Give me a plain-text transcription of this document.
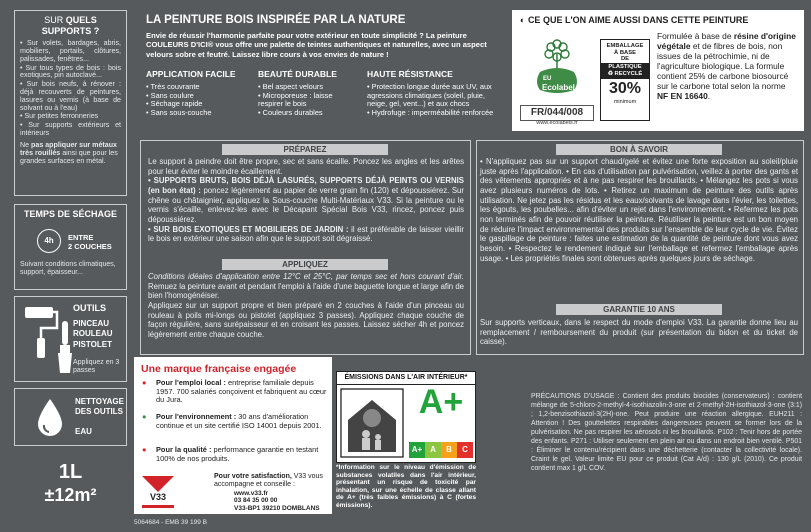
SUR QUELS SUPPORTS ?
• Sur volets, bardages, abris, mobiliers, portails, clôtures, palissades, fenêtres...
• Sur tous types de bois : bois exotiques, pin autoclavé...
• Sur bois neufs, à rénover : déjà recouverts de peintures, lasures ou vernis (à base de solvant ou à l'eau)
• Sur petites ferronneries
• Sur supports extérieurs et intérieurs
Ne pas appliquer sur métaux très rouillés ainsi que pour les grandes surfaces en métal.
TEMPS DE SÉCHAGE
4h	ENTRE
2 COUCHES
Suivant conditions climatiques, support, épaisseur...
OUTILS
PINCEAU
ROULEAU
PISTOLET
Appliquez en 3 passes
NETTOYAGE
DES OUTILS
EAU
1L
±12m²
5064684 - EMB 39 199 B
LA PEINTURE BOIS INSPIRÉE PAR LA NATURE
Envie de réussir l'harmonie parfaite pour votre extérieur en toute simplicité ? La peinture COULEURS D'ICI® vous offre une palette de teintes authentiques et naturelles, avec un aspect velours sobre et feutré. Laissez libre cours à vos envies de nature !
APPLICATION FACILE
• Très couvrante
• Sans coulure
• Séchage rapide
• Sans sous-couche
BEAUTÉ DURABLE
• Bel aspect velours
• Microporeuse : laisse respirer le bois
• Couleurs durables
HAUTE RÉSISTANCE
• Protection longue durée aux UV, aux agressions climatiques (soleil, pluie, neige, gel, vent...) et aux chocs
• Hydrofuge : imperméabilité renforcée
◐ CE QUE L'ON AIME AUSSI DANS CETTE PEINTURE
EU
Ecolabel
FR/044/008
www.ecolabels.fr
EMBALLAGE
À BASE
DE
PLASTIQUE
♻ RECYCLÉ
30%
minimum
Formulée à base de résine d'origine végétale et de fibres de bois, non issues de la pétrochimie, ni de l'agriculture biologique. La formule contient 25% de carbone biosourcé sur le carbone total selon la norme NF EN 16640.
PRÉPAREZ
Le support à peindre doit être propre, sec et sans écaille. Poncez les angles et les arêtes pour leur éviter le moindre écaillement.
• SUPPORTS BRUTS, BOIS DÉJÀ LASURÉS, SUPPORTS DÉJÀ PEINTS OU VERNIS (en bon état) : poncez légèrement au papier de verre grain fin (120) et dépoussiérez. Sur chêne ou châtaignier, appliquez la Sous-couche Multi-Matériaux V33. Si la peinture ou le vernis s'écaille, enlevez-les avec le Décapant Spécial Bois V33, rincez, poncez puis dépoussiérez.
• SUR BOIS EXOTIQUES ET MOBILIERS DE JARDIN : il est préférable de laisser vieillir le bois en extérieur une saison afin que le support soit dégraissé.
APPLIQUEZ
Conditions idéales d'application entre 12°C et 25°C, par temps sec et hors courant d'air. Remuez la peinture avant et pendant l'emploi à l'aide d'une baguette longue et large afin de bien l'homogénéiser.
Appliquez sur un support propre et bien préparé en 2 couches à l'aide d'un pinceau ou rouleau à poils mi-longs ou pistolet (appliquez 3 passes). Appliquez chaque couche de façon régulière, sans surépaisseur et en croisant les passes. Laissez sécher 4h et poncez légèrement entre chaque couche.
BON À SAVOIR
• N'appliquez pas sur un support chaud/gelé et évitez une forte exposition au soleil/pluie juste après l'application. • En cas d'utilisation par pulvérisation, veillez à porter des gants et des vêtements appropriés et à ne pas respirer les brouillards. • Mélangez les pots si vous avez plusieurs numéros de lots. • Retirez un maximum de peinture des outils après utilisation. Ne jetez pas les résidus et les eaux/solvants de lavage dans l'évier, les toilettes, les égouts, les poubelles... afin d'éviter un rejet dans l'environnement. • Refermez les pots non terminés afin de pouvoir réutiliser la peinture. Réutiliser la peinture est un bon moyen de réduire l'impact environnemental des produits sur l'ensemble de leur cycle de vie. Évitez le gaspillage de peinture : faites une estimation de la quantité de peinture dont vous avez besoin. • Respectez le rendement indiqué sur l'emballage et refermez l'emballage après usage. • Les propriétés finales sont obtenues après quelques jours de séchage.
GARANTIE 10 ANS
Sur supports verticaux, dans le respect du mode d'emploi V33. La garantie donne lieu au remplacement / remboursement du produit (sur présentation du bidon et du ticket de caisse).
Une marque française engagée
● Pour l'emploi local : entreprise familiale depuis 1957. 700 salariés conçoivent et fabriquent au cœur du Jura.
● Pour l'environnement : 30 ans d'amélioration continue et un site certifié ISO 14001 depuis 2001.
● Pour la qualité : performance garantie en testant 100% de nos produits.
V33
Pour votre satisfaction, V33 vous accompagne et conseille :
www.v33.fr
03 84 35 00 00
V33-BP1 39210 DOMBLANS
ÉMISSIONS DANS L'AIR INTÉRIEUR*
A+
A+ A	B	C
*Information sur le niveau d'émission de substances volatiles dans l'air intérieur, présentant un risque de toxicité par inhalation, sur une échelle de classe allant de A+ (très faibles émissions) à C (fortes émissions).
PRÉCAUTIONS D'USAGE : Contient des produits biocides (conservateurs) : contient mélange de 5-chloro-2-methyl-4-isothiazolin-3-one et 2-methyl-2H-isothiazol-3-one (3:1) ; 1,2-benzisothiazol-3(2H)-one. Peut produire une réaction allergique. EUH211 : Attention ! Des gouttelettes respirables dangereuses peuvent se former lors de la pulvérisation. Ne pas respirer les aérosols ni les brouillards. P102 : Tenir hors de portée des enfants. P271 : Utiliser seulement en plein air ou dans un endroit bien ventilé. P501 : Éliminer le contenu/récipient dans une déchetterie (contacter la collectivité locale). Craint le gel. Valeur limite EU pour ce produit (Cat A/d) : 130 g/L (2010). Ce produit contient max 1 g/L COV.
